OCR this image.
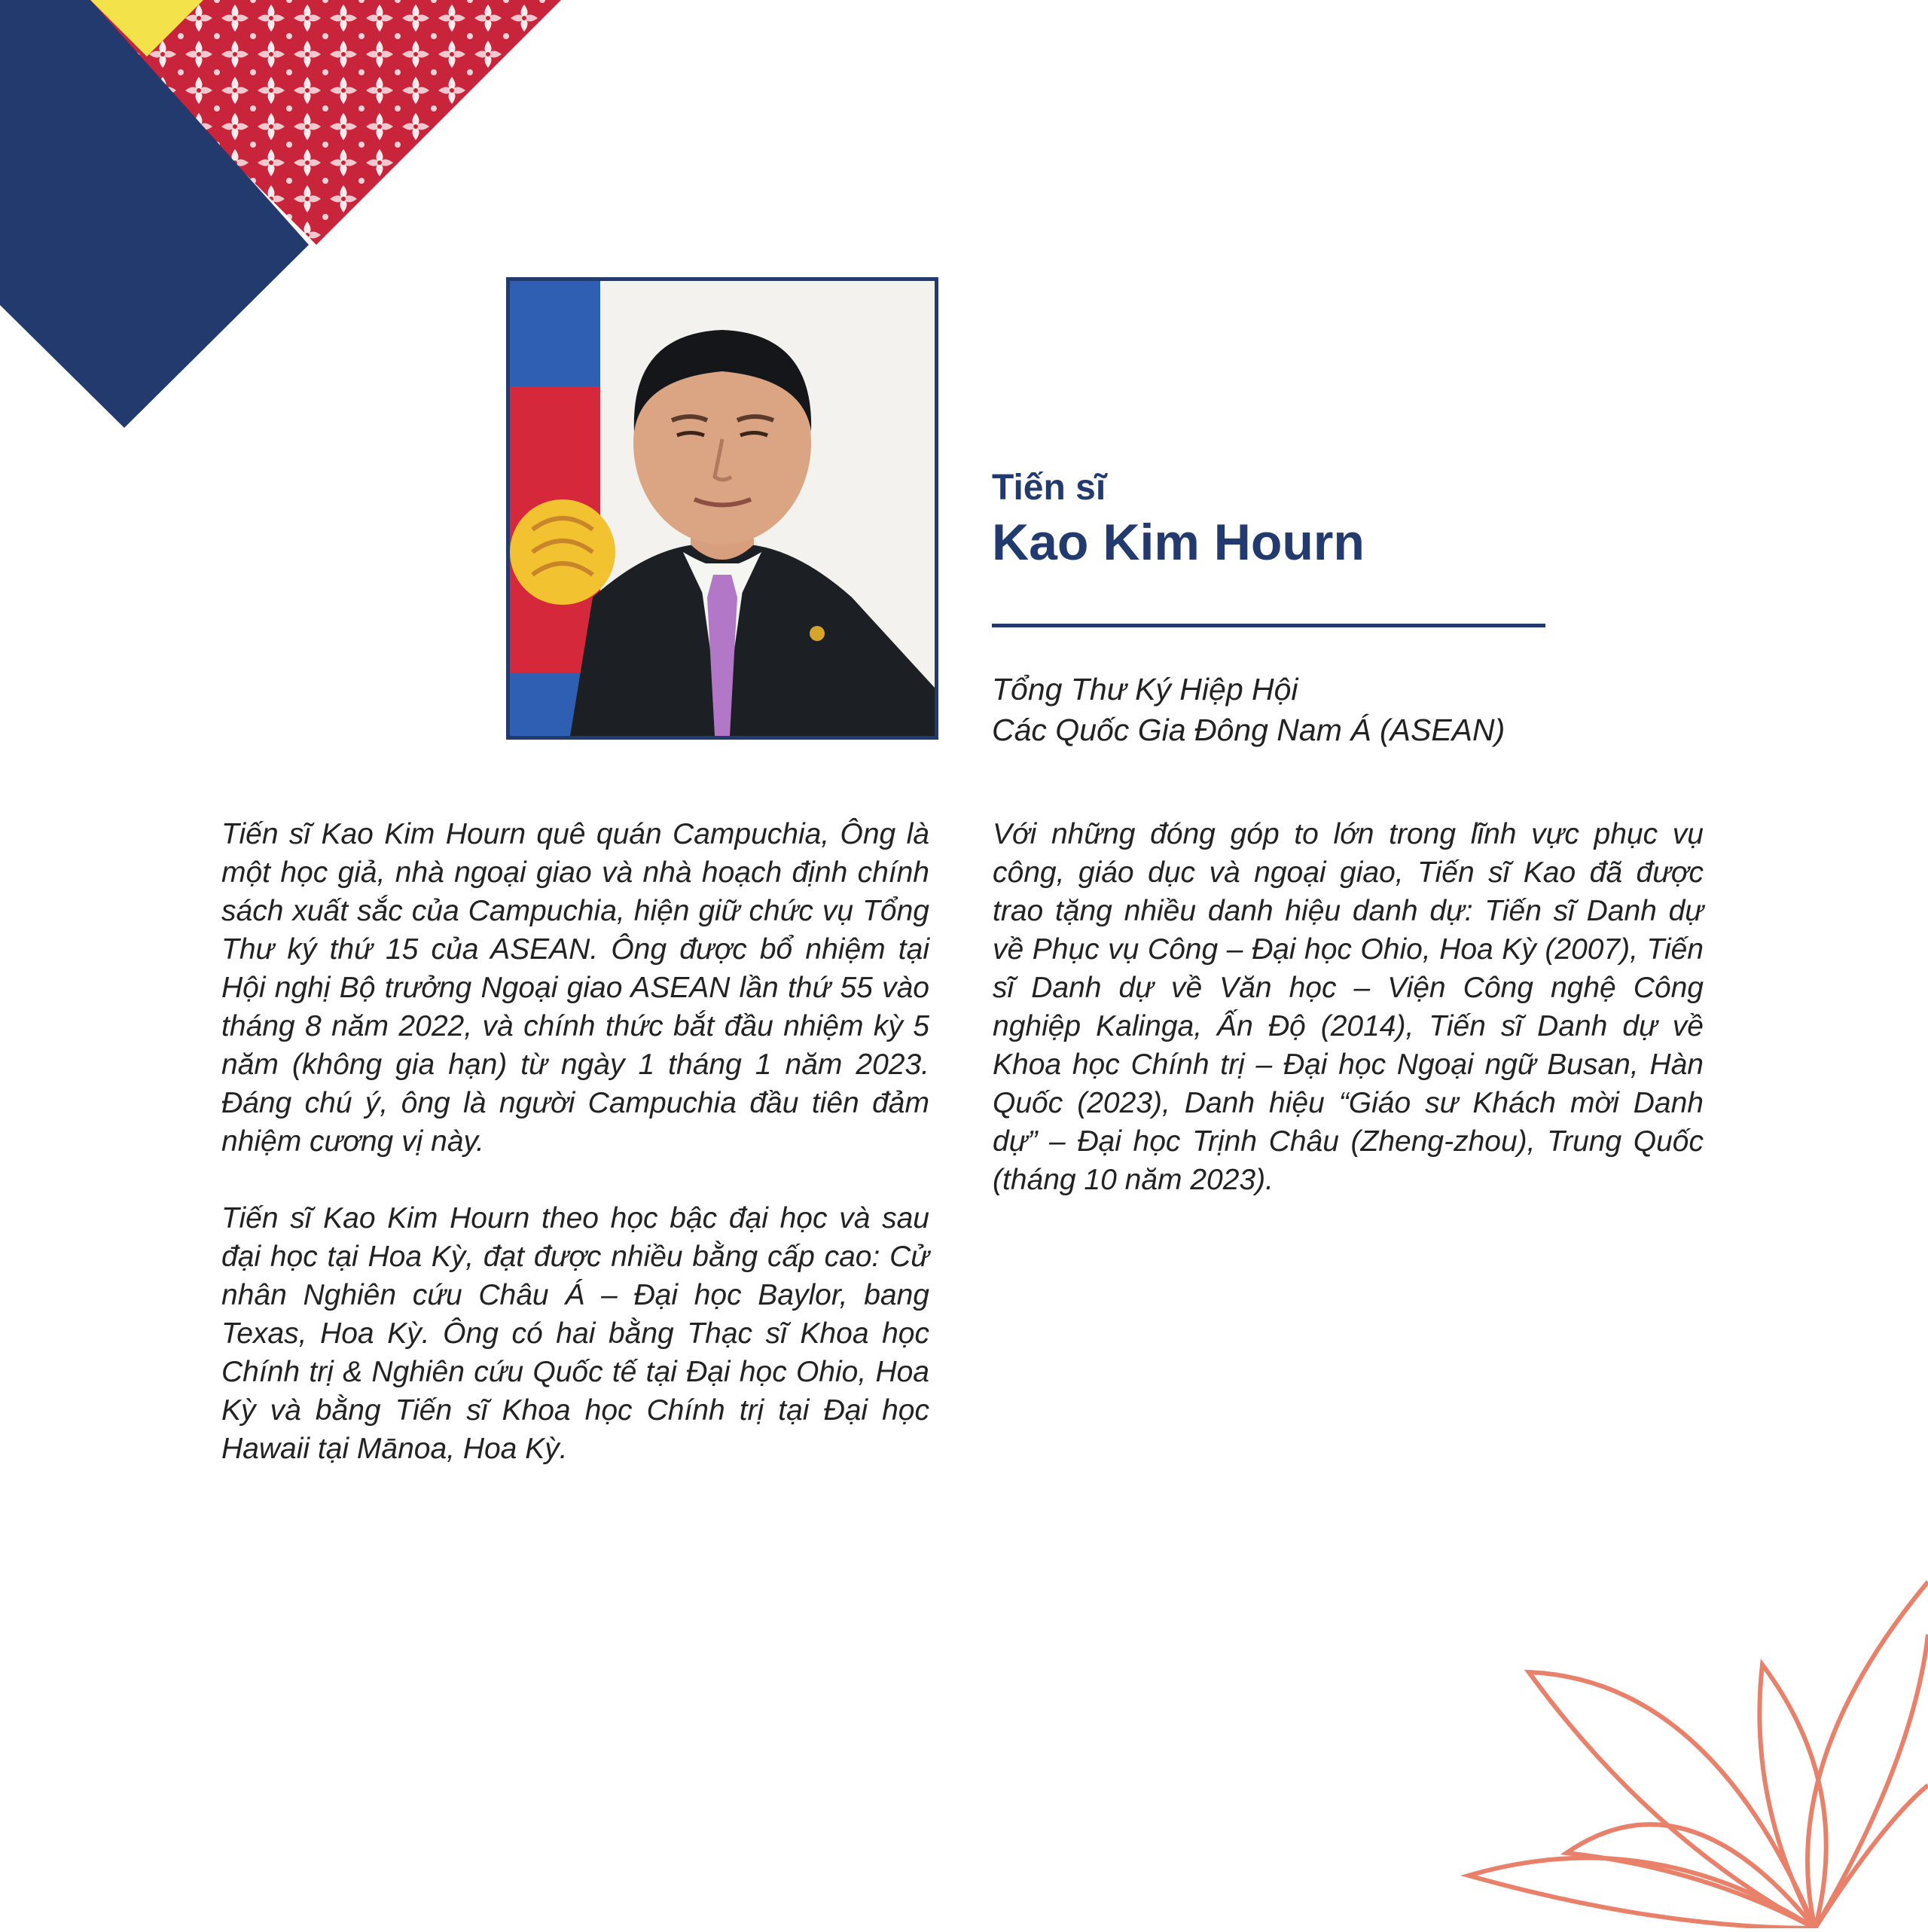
Tiến sĩ
Kao Kim Hourn
Tổng Thư Ký Hiệp Hội
Các Quốc Gia Đông Nam Á (ASEAN)

Tiến sĩ Kao Kim Hourn quê quán Campuchia, Ông là một học giả, nhà ngoại giao và nhà hoạch định chính sách xuất sắc của Campuchia, hiện giữ chức vụ Tổng Thư ký thứ 15 của ASEAN. Ông được bổ nhiệm tại Hội nghị Bộ trưởng Ngoại giao ASEAN lần thứ 55 vào tháng 8 năm 2022, và chính thức bắt đầu nhiệm kỳ 5 năm (không gia hạn) từ ngày 1 tháng 1 năm 2023. Đáng chú ý, ông là người Campuchia đầu tiên đảm nhiệm cương vị này.

Tiến sĩ Kao Kim Hourn theo học bậc đại học và sau đại học tại Hoa Kỳ, đạt được nhiều bằng cấp cao: Cử nhân Nghiên cứu Châu Á – Đại học Baylor, bang Texas, Hoa Kỳ. Ông có hai bằng Thạc sĩ Khoa học Chính trị & Nghiên cứu Quốc tế tại Đại học Ohio, Hoa Kỳ và bằng Tiến sĩ Khoa học Chính trị tại Đại học Hawaii tại Mānoa, Hoa Kỳ.

Với những đóng góp to lớn trong lĩnh vực phục vụ công, giáo dục và ngoại giao, Tiến sĩ Kao đã được trao tặng nhiều danh hiệu danh dự: Tiến sĩ Danh dự về Phục vụ Công – Đại học Ohio, Hoa Kỳ (2007), Tiến sĩ Danh dự về Văn học – Viện Công nghệ Công nghiệp Kalinga, Ấn Độ (2014), Tiến sĩ Danh dự về Khoa học Chính trị – Đại học Ngoại ngữ Busan, Hàn Quốc (2023), Danh hiệu “Giáo sư Khách mời Danh dự” – Đại học Trịnh Châu (Zheng-zhou), Trung Quốc (tháng 10 năm 2023).
